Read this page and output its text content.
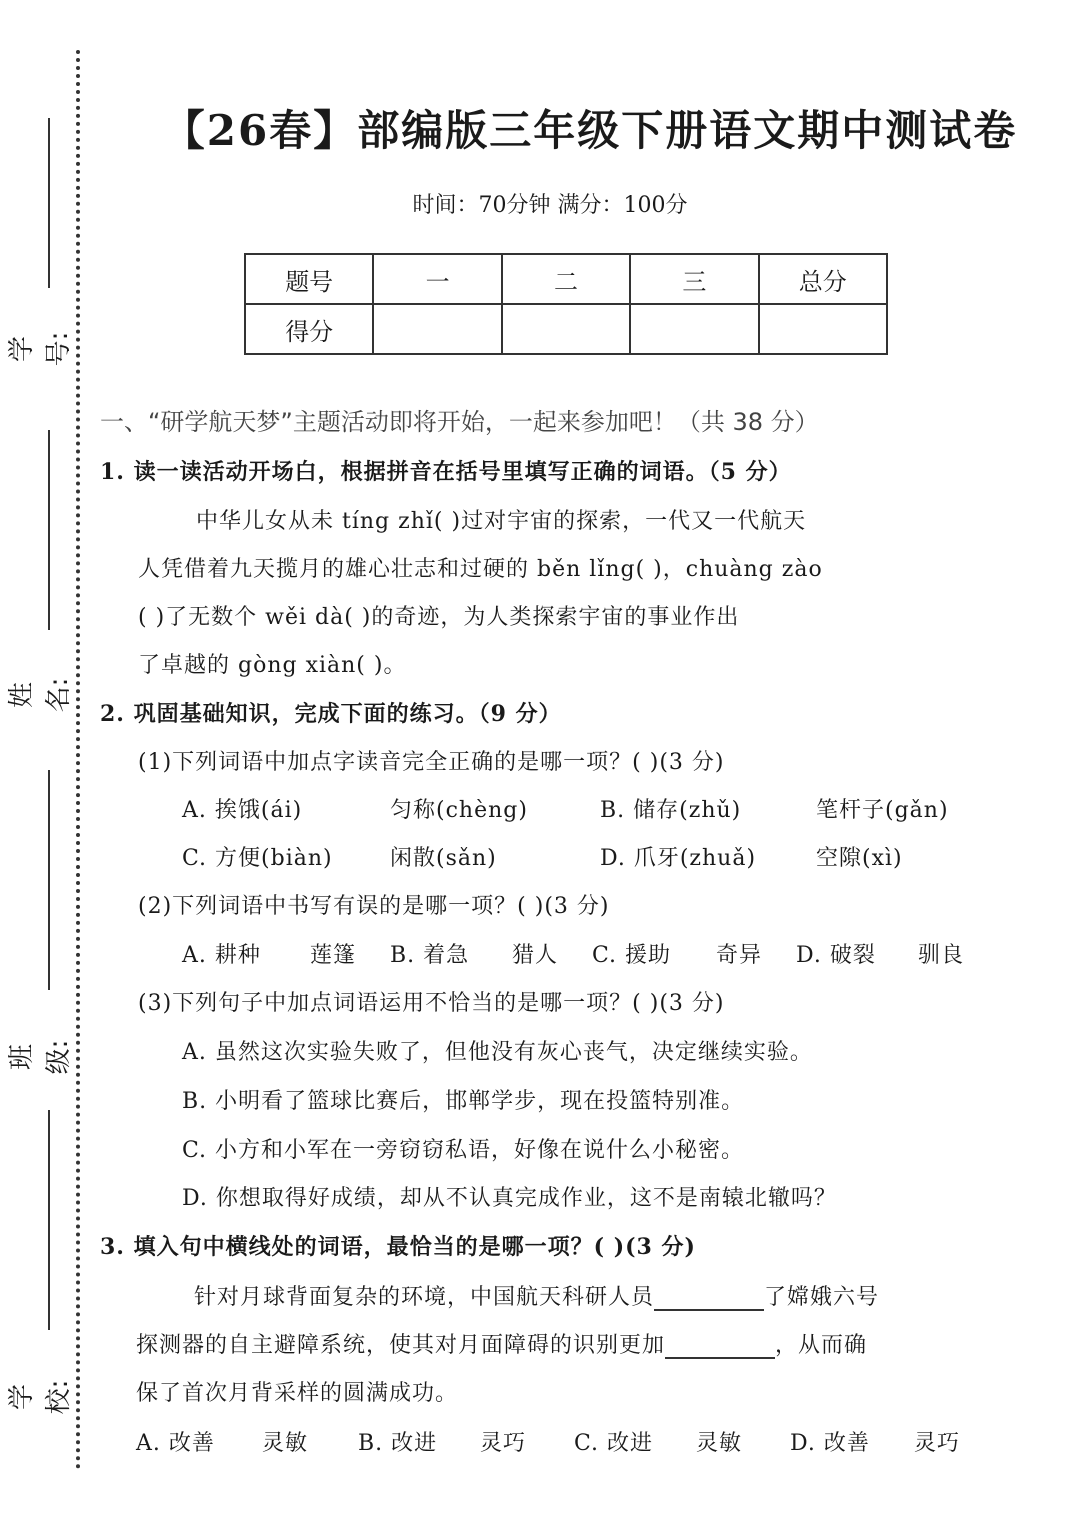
学号:
姓名:
班级:
学校:
【26春】部编版三年级下册语文期中测试卷
时间：70分钟 满分：100分
题号	一	二	三	总分
得分				
一、“研学航天梦”主题活动即将开始，一起来参加吧！（共 38 分）
1. 读一读活动开场白，根据拼音在括号里填写正确的词语。（5 分）
中华儿女从未 tíng zhǐ( )过对宇宙的探索，一代又一代航天
人凭借着九天揽月的雄心壮志和过硬的 běn lǐng( )，chuàng zào
( )了无数个 wěi dà( )的奇迹，为人类探索宇宙的事业作出
了卓越的 gòng xiàn( )。
2. 巩固基础知识，完成下面的练习。（9 分）
(1)下列词语中加点字读音完全正确的是哪一项？( )(3 分)
A. 挨饿(ái)	匀称(chèng)	B. 储存(zhǔ)	笔杆子(gǎn)
C. 方便(biàn)	闲散(sǎn)	D. 爪牙(zhuǎ)	空隙(xì)
(2)下列词语中书写有误的是哪一项？( )(3 分)
A. 耕种 莲篷 B. 着急 猎人 C. 援助 奇异 D. 破裂 驯良
(3)下列句子中加点词语运用不恰当的是哪一项？( )(3 分)
A. 虽然这次实验失败了，但他没有灰心丧气，决定继续实验。
B. 小明看了篮球比赛后，邯郸学步，现在投篮特别准。
C. 小方和小军在一旁窃窃私语，好像在说什么小秘密。
D. 你想取得好成绩，却从不认真完成作业，这不是南辕北辙吗？
3. 填入句中横线处的词语，最恰当的是哪一项？( )(3 分)
针对月球背面复杂的环境，中国航天科研人员	了嫦娥六号
探测器的自主避障系统，使其对月面障碍的识别更加	，从而确
保了首次月背采样的圆满成功。
A. 改善 灵敏 B. 改进 灵巧 C. 改进 灵敏 D. 改善 灵巧
